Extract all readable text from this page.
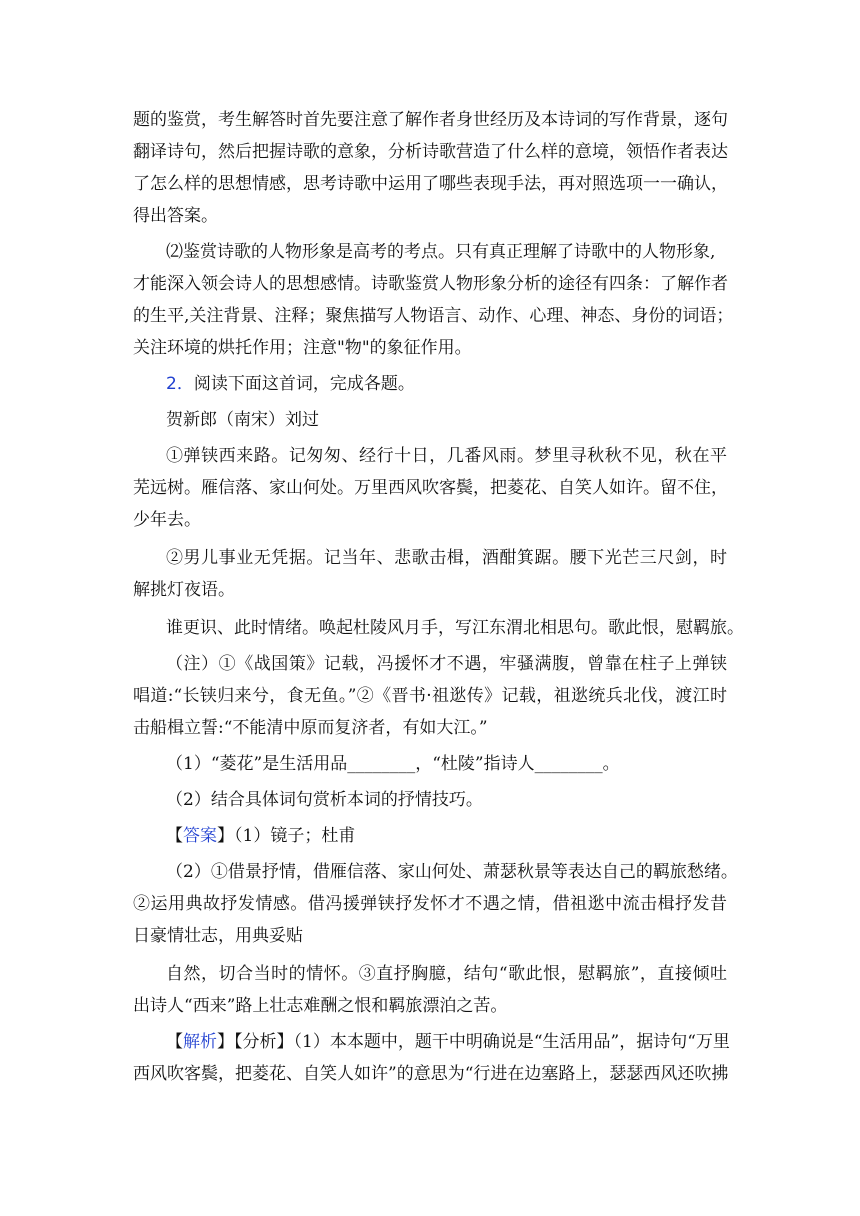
题的鉴赏，考生解答时首先要注意了解作者身世经历及本诗词的写作背景，逐句
翻译诗句，然后把握诗歌的意象，分析诗歌营造了什么样的意境，领悟作者表达
了怎么样的思想情感，思考诗歌中运用了哪些表现手法，再对照选项一一确认，
得出答案。
⑵鉴赏诗歌的人物形象是高考的考点。只有真正理解了诗歌中的人物形象,
才能深入领会诗人的思想感情。诗歌鉴赏人物形象分析的途径有四条：了解作者
的生平,关注背景、注释；聚焦描写人物语言、动作、心理、神态、身份的词语；
关注环境的烘托作用；注意"物"的象征作用。
2．阅读下面这首词，完成各题。
贺新郎（南宋）刘过
①弹铗西来路。记匆匆、经行十日，几番风雨。梦里寻秋秋不见，秋在平
芜远树。雁信落、家山何处。万里西风吹客鬓，把菱花、自笑人如许。留不住，
少年去。
②男儿事业无凭据。记当年、悲歌击楫，酒酣箕踞。腰下光芒三尺剑，时
解挑灯夜语。
谁更识、此时情绪。唤起杜陵风月手，写江东渭北相思句。歌此恨，慰羁旅。
（注）①《战国策》记载，冯援怀才不遇，牢骚满腹，曾靠在柱子上弹铗
唱道:“长铗归来兮，食无鱼。”②《晋书·祖逖传》记载，祖逖统兵北伐，渡江时
击船楫立誓:“不能清中原而复济者，有如大江。”
（1）“菱花”是生活用品________，“杜陵”指诗人________。
（2）结合具体词句赏析本词的抒情技巧。
【答案】（1）镜子；杜甫
（2）①借景抒情，借雁信落、家山何处、萧瑟秋景等表达自己的羁旅愁绪。
②运用典故抒发情感。借冯援弹铗抒发怀才不遇之情，借祖逖中流击楫抒发昔
日豪情壮志，用典妥贴
自然，切合当时的情怀。③直抒胸臆，结句“歌此恨，慰羁旅”，直接倾吐
出诗人“西来”路上壮志难酬之恨和羁旅漂泊之苦。
【解析】【分析】（1）本本题中，题干中明确说是“生活用品”，据诗句“万里
西风吹客鬓，把菱花、自笑人如许”的意思为“行进在边塞路上，瑟瑟西风还吹拂
